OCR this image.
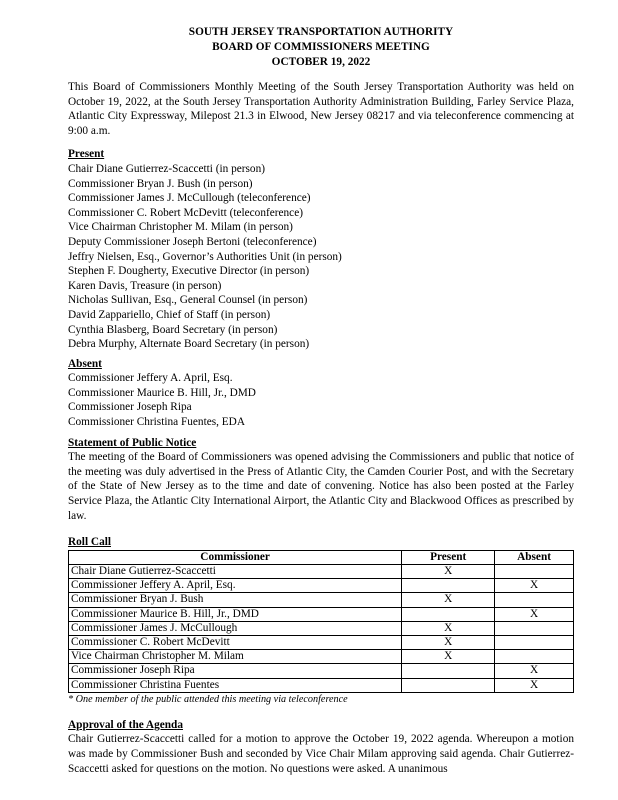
SOUTH JERSEY TRANSPORTATION AUTHORITY
BOARD OF COMMISSIONERS MEETING
OCTOBER 19, 2022

This Board of Commissioners Monthly Meeting of the South Jersey Transportation Authority was held on October 19, 2022, at the South Jersey Transportation Authority Administration Building, Farley Service Plaza, Atlantic City Expressway, Milepost 21.3 in Elwood, New Jersey 08217 and via teleconference commencing at 9:00 a.m.

Present
Chair Diane Gutierrez-Scaccetti (in person)
Commissioner Bryan J. Bush (in person)
Commissioner James J. McCullough (teleconference)
Commissioner C. Robert McDevitt (teleconference)
Vice Chairman Christopher M. Milam (in person)
Deputy Commissioner Joseph Bertoni (teleconference)
Jeffry Nielsen, Esq., Governor’s Authorities Unit (in person)
Stephen F. Dougherty, Executive Director (in person)
Karen Davis, Treasure (in person)
Nicholas Sullivan, Esq., General Counsel (in person)
David Zappariello, Chief of Staff (in person)
Cynthia Blasberg, Board Secretary (in person)
Debra Murphy, Alternate Board Secretary (in person)
Absent
Commissioner Jeffery A. April, Esq.
Commissioner Maurice B. Hill, Jr., DMD
Commissioner Joseph Ripa
Commissioner Christina Fuentes, EDA
Statement of Public Notice

The meeting of the Board of Commissioners was opened advising the Commissioners and public that notice of the meeting was duly advertised in the Press of Atlantic City, the Camden Courier Post, and with the Secretary of the State of New Jersey as to the time and date of convening. Notice has also been posted at the Farley Service Plaza, the Atlantic City International Airport, the Atlantic City and Blackwood Offices as prescribed by law.

Roll Call
Commissioner	Present	Absent
Chair Diane Gutierrez-Scaccetti	X	
Commissioner Jeffery A. April, Esq.		X
Commissioner Bryan J. Bush	X	
Commissioner Maurice B. Hill, Jr., DMD		X
Commissioner James J. McCullough	X	
Commissioner C. Robert McDevitt	X	
Vice Chairman Christopher M. Milam	X	
Commissioner Joseph Ripa		X
Commissioner Christina Fuentes		X
* One member of the public attended this meeting via teleconference
Approval of the Agenda

Chair Gutierrez-Scaccetti called for a motion to approve the October 19, 2022 agenda. Whereupon a motion was made by Commissioner Bush and seconded by Vice Chair Milam approving said agenda. Chair Gutierrez-Scaccetti asked for questions on the motion. No questions were asked. A unanimous
